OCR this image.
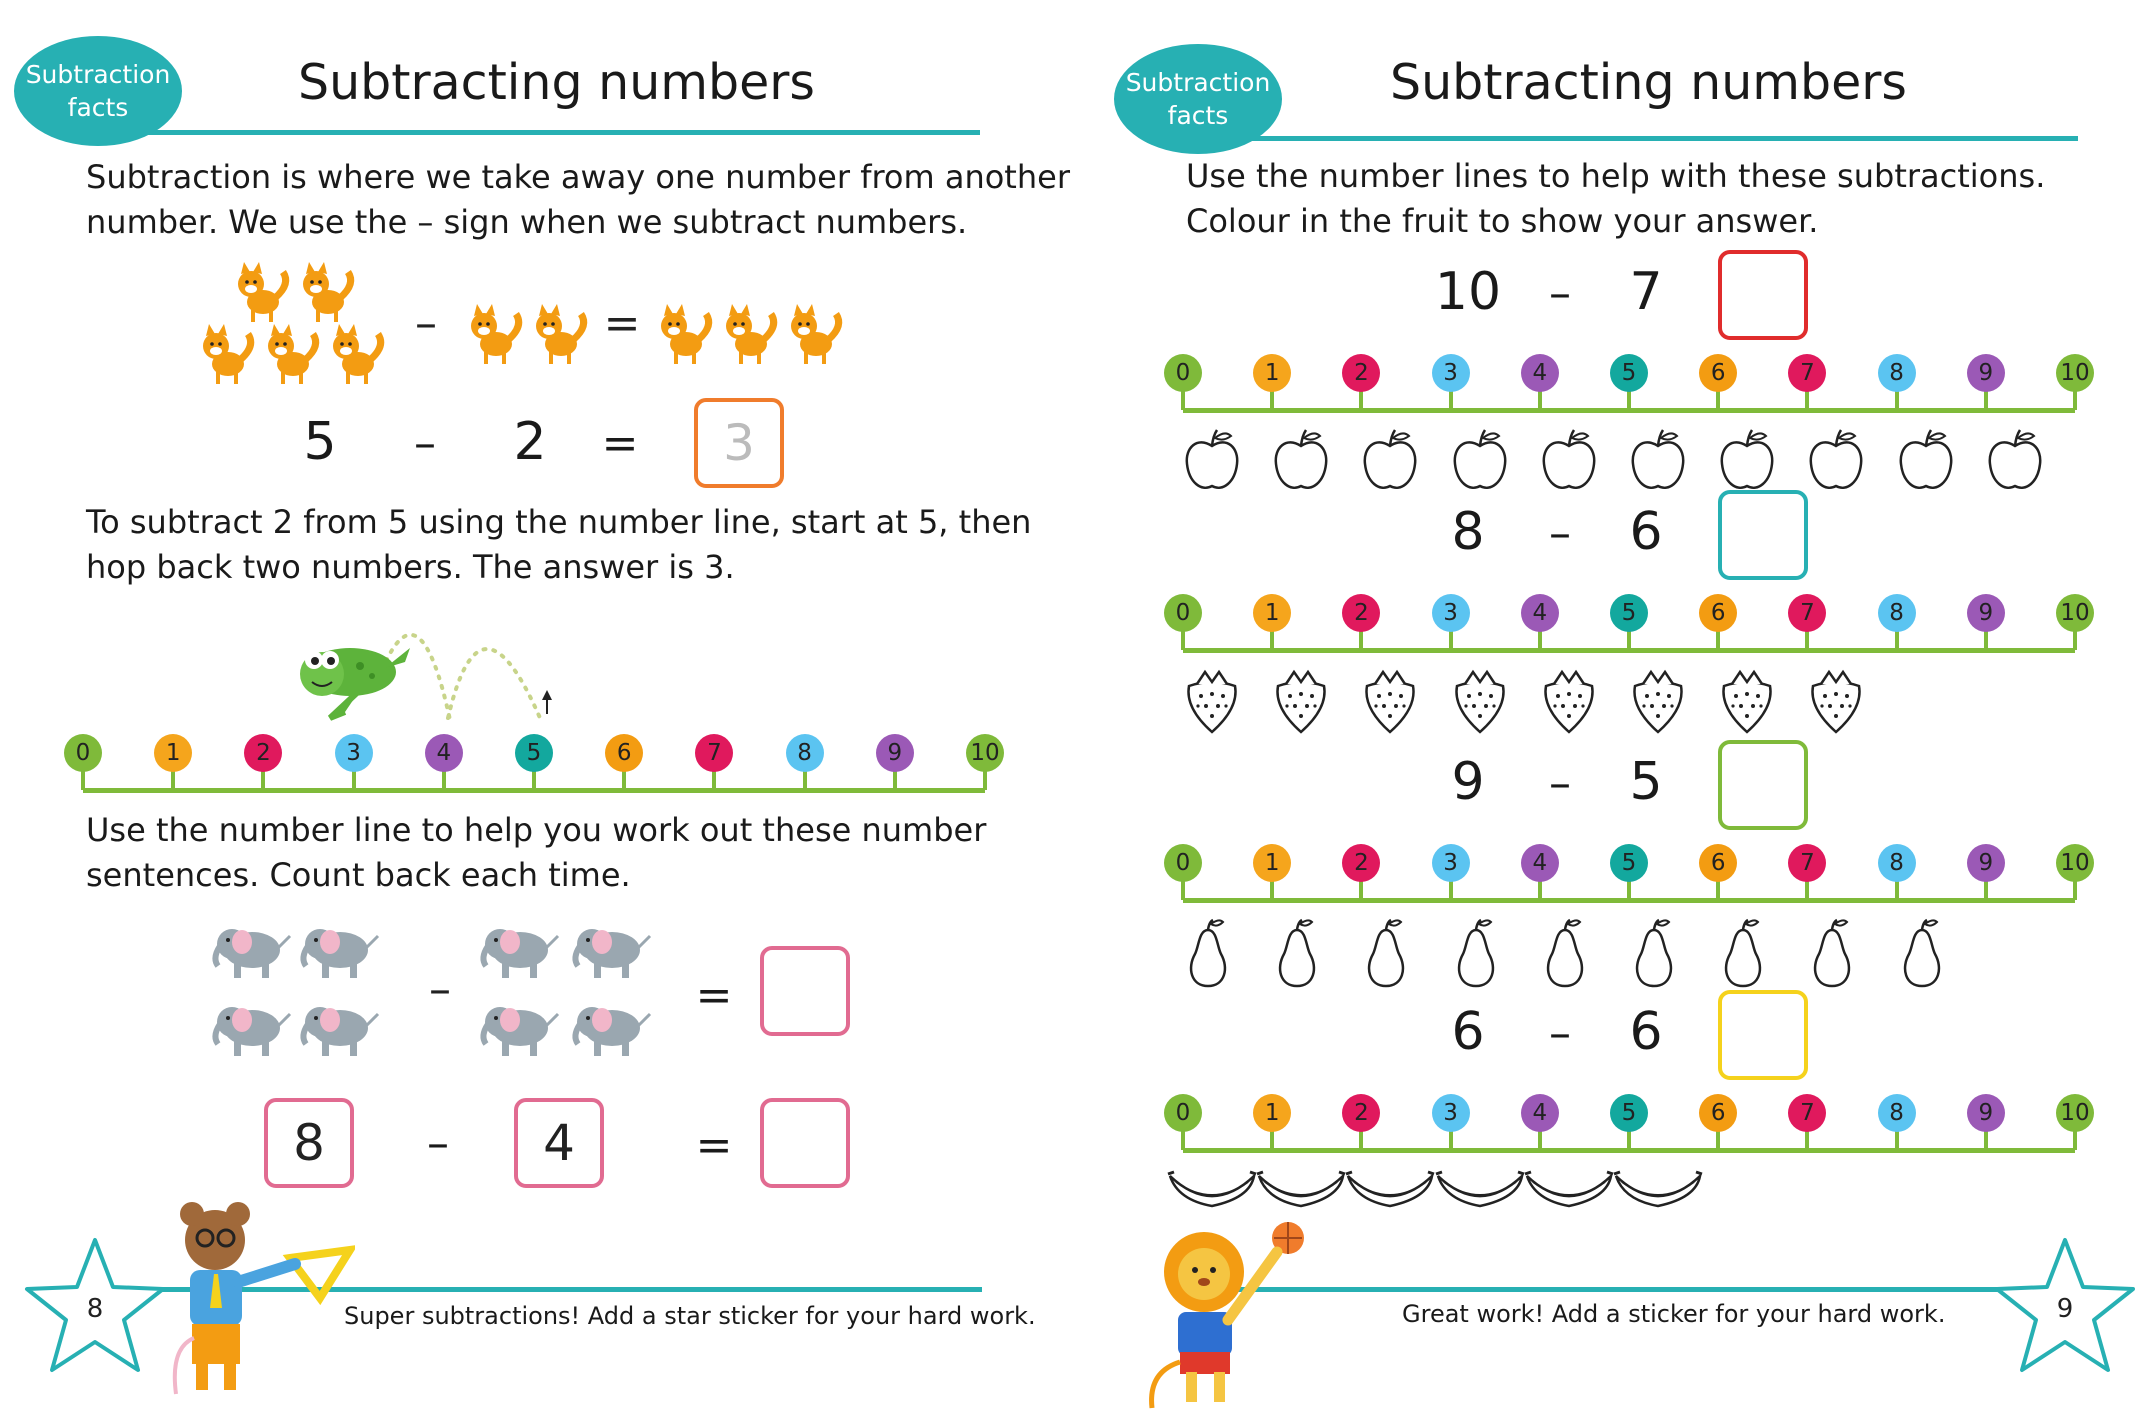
Subtraction
facts	Subtracting numbers
Subtraction is where we take away one number from another
number. We use the – sign when we subtract numbers.
–	=
5	–	2	= 3
To subtract 2 from 5 using the number line, start at 5, then
hop back two numbers. The answer is 3.
0	1	2	3	4	5	6	7	8	9	10
Use the number line to help you work out these number
sentences. Count back each time.
–	=
8	–	4	=
8	Super subtractions! Add a star sticker for your hard work.
Subtraction
facts
Subtracting numbers
Use the number lines to help with these subtractions.
Colour in the fruit to show your answer.
10	–	7
0	1	2	3	4	5	6	7	8	9	10
8	–	6
0	1	2	3	4	5	6	7	8	9	10
9	–	5
0	1	2	3	4	5	6	7	8	9	10
6	–	6
0	1	2	3	4	5	6	7	8	9	10
9
Great work! Add a sticker for your hard work.
